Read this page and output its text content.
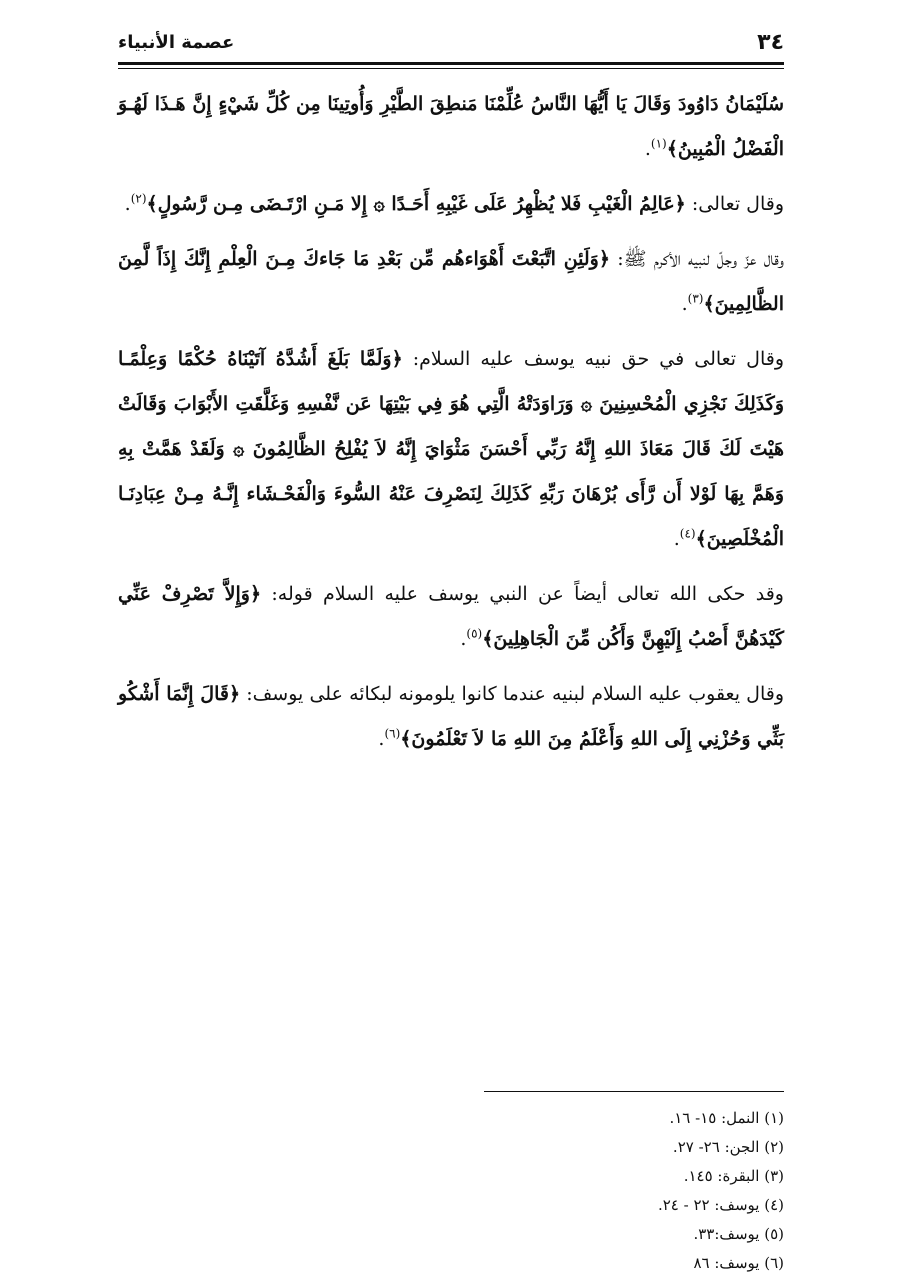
٣٤
عصمة الأنبياء

سُلَيْمَانُ دَاوُودَ وَقَالَ يَا أَيُّهَا النَّاسُ عُلِّمْنَا مَنطِقَ الطَّيْرِ وَأُوتِينَا مِن كُلِّ شَيْءٍ إِنَّ هَـذَا لَهُـوَ الْفَضْلُ الْمُبِينُ﴾$^{(١)}$.

وقال تعالى: ﴿عَالِمُ الْغَيْبِ فَلا يُظْهِرُ عَلَى غَيْبِهِ أَحَـدًا ۞ إِلا مَـنِ ارْتَـضَى مِـن رَّسُولٍ﴾$^{(٢)}$.

وقال عزّ وجلّ لنبيه الأكرم ﷺ: ﴿وَلَئِنِ اتَّبَعْتَ أَهْوَاءهُم مِّن بَعْدِ مَا جَاءكَ مِـنَ الْعِلْمِ إِنَّكَ إِذَاً لَّمِنَ الظَّالِمِينَ﴾$^{(٣)}$.

وقال تعالى في حق نبيه يوسف عليه السلام: ﴿وَلَمَّا بَلَغَ أَشُدَّهُ آتَيْنَاهُ حُكْمًا وَعِلْمًـا وَكَذَلِكَ نَجْزِي الْمُحْسِنِينَ ۞ وَرَاوَدَتْهُ الَّتِي هُوَ فِي بَيْتِهَا عَن نَّفْسِهِ وَغَلَّقَتِ الأَبْوَابَ وَقَالَتْ هَيْتَ لَكَ قَالَ مَعَاذَ اللهِ إِنَّهُ رَبِّي أَحْسَنَ مَثْوَايَ إِنَّهُ لاَ يُفْلِحُ الظَّالِمُونَ ۞ وَلَقَدْ هَمَّتْ بِهِ وَهَمَّ بِهَا لَوْلا أَن رَّأَى بُرْهَانَ رَبِّهِ كَذَلِكَ لِنَصْرِفَ عَنْهُ السُّوءَ وَالْفَحْـشَاء إِنَّـهُ مِـنْ عِبَادِنَـا الْمُخْلَصِينَ﴾$^{(٤)}$.

وقد حكى الله تعالى أيضاً عن النبي يوسف عليه السلام قوله: ﴿وَإِلاَّ تَصْرِفْ عَنِّي كَيْدَهُنَّ أَصْبُ إِلَيْهِنَّ وَأَكُن مِّنَ الْجَاهِلِينَ﴾$^{(٥)}$.

وقال يعقوب عليه السلام لبنيه عندما كانوا يلومونه لبكائه على يوسف: ﴿قَالَ إِنَّمَا أَشْكُو بَثِّي وَحُزْنِي إِلَى اللهِ وَأَعْلَمُ مِنَ اللهِ مَا لاَ تَعْلَمُونَ﴾$^{(٦)}$.

(١) النمل: ١٥- ١٦.
(٢) الجن: ٢٦- ٢٧.
(٣) البقرة: ١٤٥.
(٤) يوسف: ٢٢ - ٢٤.
(٥) يوسف:٣٣.
(٦) يوسف: ٨٦
